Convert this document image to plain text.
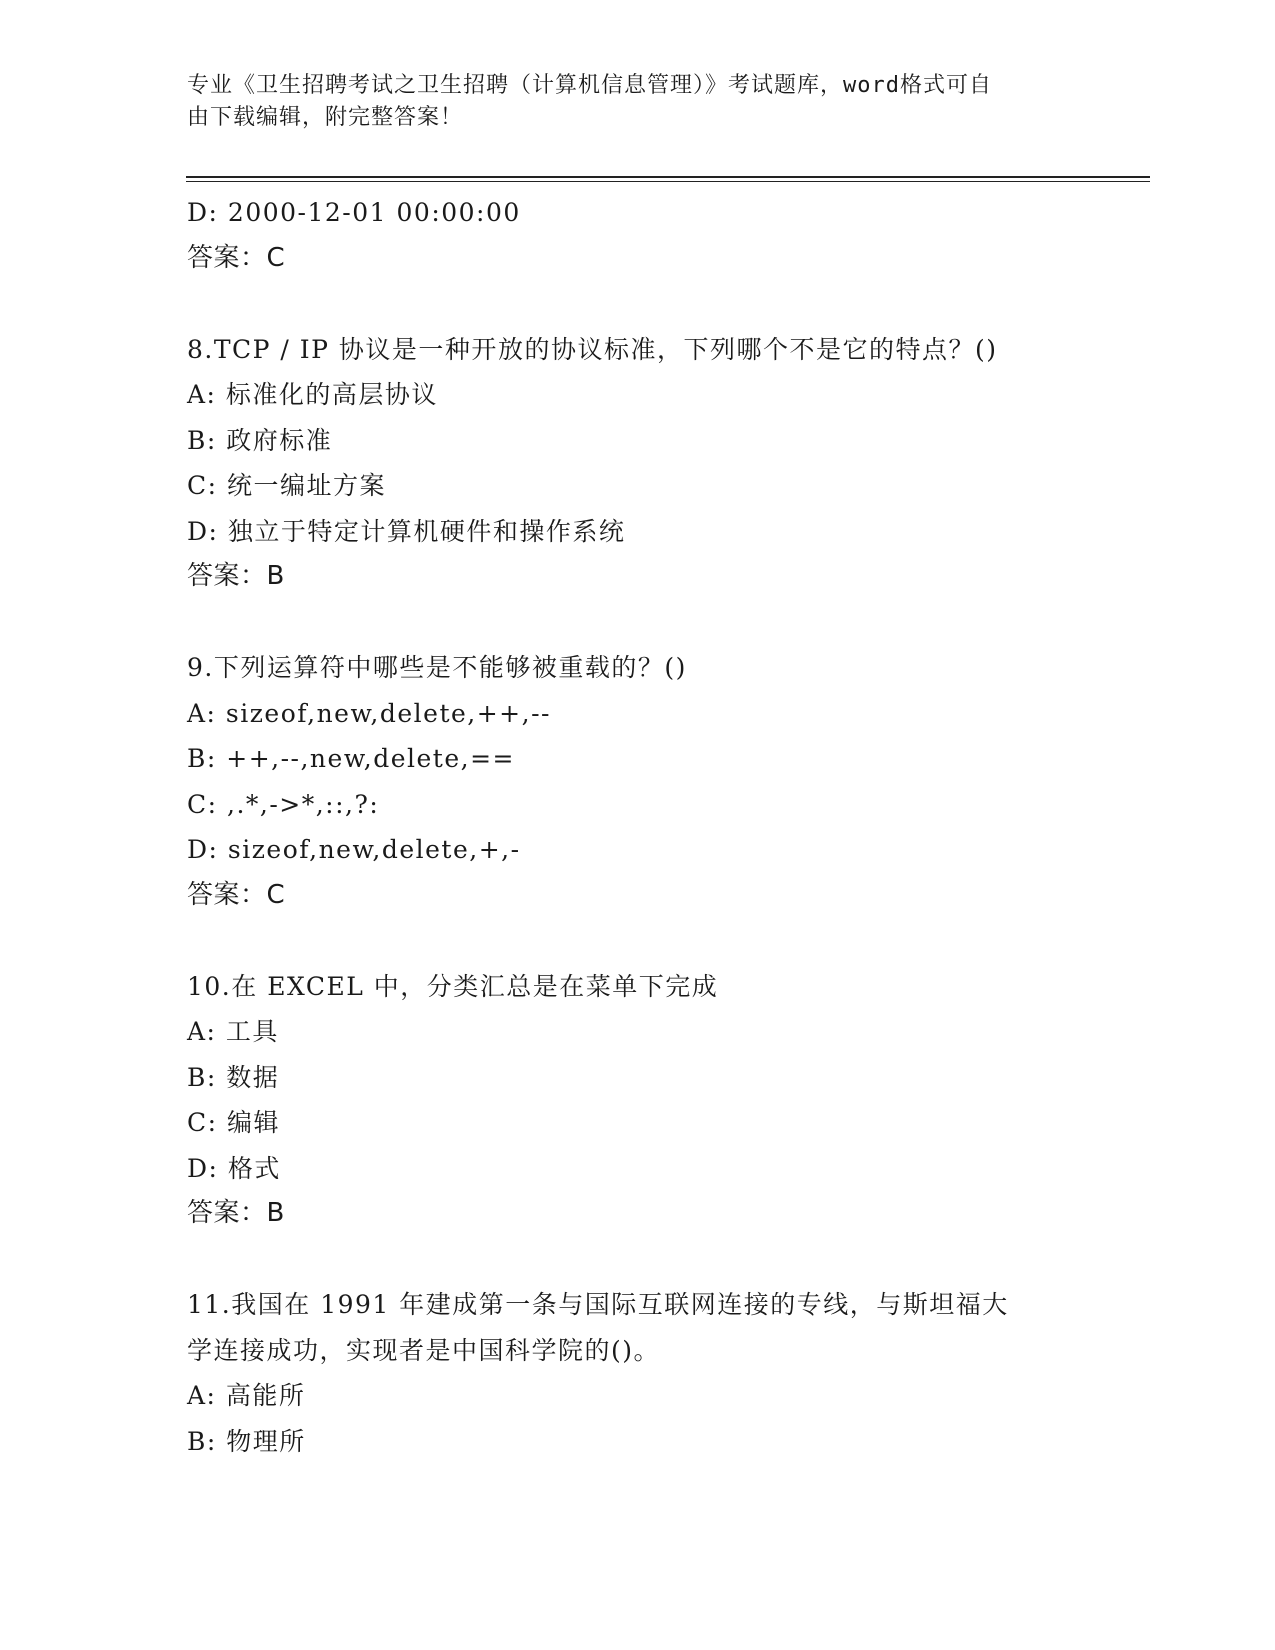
专业《卫生招聘考试之卫生招聘（计算机信息管理）》考试题库，word格式可自
由下载编辑，附完整答案！
D: 2000-12-01 00:00:00
答案：C
8.TCP / IP 协议是一种开放的协议标准，下列哪个不是它的特点？()
A: 标准化的高层协议
B: 政府标准
C: 统一编址方案
D: 独立于特定计算机硬件和操作系统
答案：B
9.下列运算符中哪些是不能够被重载的？()
A: sizeof,new,delete,++,--
B: ++,--,new,delete,==
C: ,.*,->*,::,?:
D: sizeof,new,delete,+,-
答案：C
10.在 EXCEL 中，分类汇总是在菜单下完成
A: 工具
B: 数据
C: 编辑
D: 格式
答案：B
11.我国在 1991 年建成第一条与国际互联网连接的专线，与斯坦福大
学连接成功，实现者是中国科学院的()。
A: 高能所
B: 物理所
